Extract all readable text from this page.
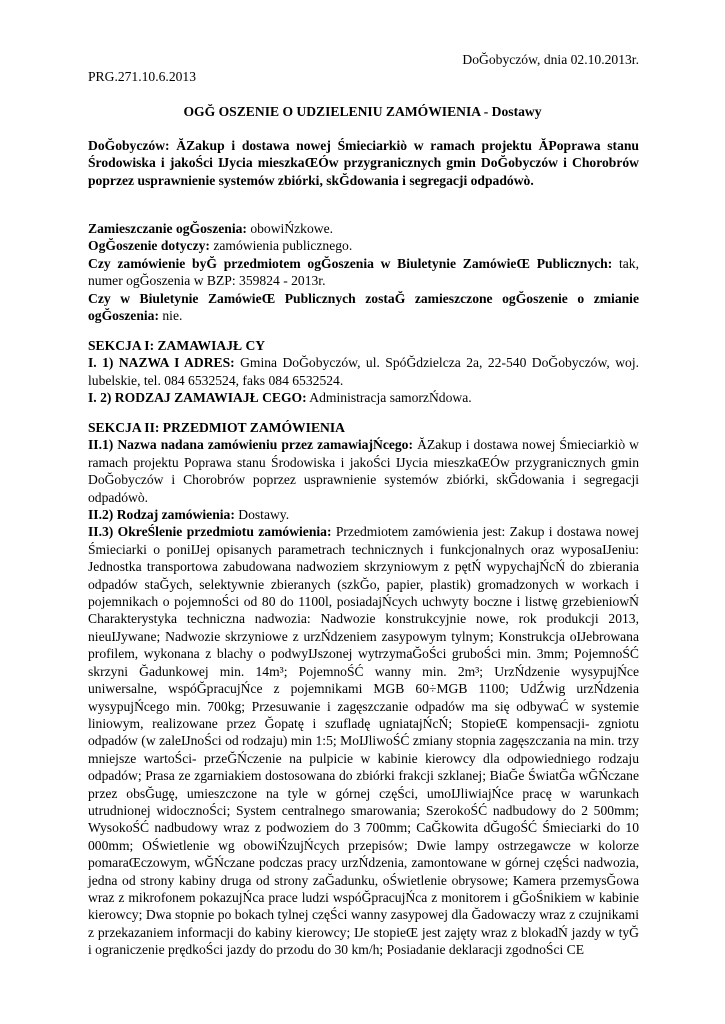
DoĞobyczów, dnia 02.10.2013r.
PRG.271.10.6.2013
OGĞ OSZENIE O UDZIELENIU ZAMÓWIENIA - Dostawy

DoĞobyczów: ĂZakup i dostawa nowej Śmieciarkiò w ramach projektu ĂPoprawa stanu Środowiska i jakoŚci Ĳycia mieszkaŒÓw przygranicznych gmin DoĞobyczów i Chorobrów poprzez usprawnienie systemów zbiórki, skĞdowania i segregacji odpadówò.

Zamieszczanie ogĞoszenia: obowiŃzkowe.

OgĞoszenie dotyczy: zamówienia publicznego.

Czy zamówienie byĞ przedmiotem ogĞoszenia w Biuletynie ZamówieŒ Publicznych: tak, numer ogĞoszenia w BZP: 359824 - 2013r.

Czy w Biuletynie ZamówieŒ Publicznych zostaĞ zamieszczone ogĞoszenie o zmianie ogĞoszenia: nie.

SEKCJA I: ZAMAWIAJŁ CY

I. 1) NAZWA I ADRES: Gmina DoĞobyczów, ul. SpóĞdzielcza 2a, 22-540 DoĞobyczów, woj. lubelskie, tel. 084 6532524, faks 084 6532524.

I. 2) RODZAJ ZAMAWIAJŁ CEGO: Administracja samorzŃdowa.

SEKCJA II: PRZEDMIOT ZAMÓWIENIA

II.1) Nazwa nadana zamówieniu przez zamawiajŃcego: ĂZakup i dostawa nowej Śmieciarkiò w ramach projektu Poprawa stanu Środowiska i jakoŚci Ĳycia mieszkaŒÓw przygranicznych gmin DoĞobyczów i Chorobrów poprzez usprawnienie systemów zbiórki, skĞdowania i segregacji odpadówò.

II.2) Rodzaj zamówienia: Dostawy.

II.3) OkreŚlenie przedmiotu zamówienia: Przedmiotem zamówienia jest: Zakup i dostawa nowej Śmieciarki o poniĲej opisanych parametrach technicznych i funkcjonalnych oraz wyposaĲeniu: Jednostka transportowa zabudowana nadwoziem skrzyniowym z pętŃ wypychajŃcŃ do zbierania odpadów staĞych, selektywnie zbieranych (szkĞo, papier, plastik) gromadzonych w workach i pojemnikach o pojemnoŚci od 80 do 1100l, posiadajŃcych uchwyty boczne i listwę grzebieniowŃ Charakterystyka techniczna nadwozia: Nadwozie konstrukcyjnie nowe, rok produkcji 2013, nieuĲywane; Nadwozie skrzyniowe z urzŃdzeniem zasypowym tylnym; Konstrukcja oĲebrowana profilem, wykonana z blachy o podwyĲszonej wytrzymaĞoŚci gruboŚci min. 3mm; PojemnoŚĆ skrzyni Ğadunkowej min. 14m³; PojemnoŚĆ wanny min. 2m³; UrzŃdzenie wysypujŃce uniwersalne, wspóĞpracujŃce z pojemnikami MGB 60÷MGB 1100; UdŹwig urzŃdzenia wysypujŃcego min. 700kg; Przesuwanie i zagęszczanie odpadów ma się odbywaĆ w systemie liniowym, realizowane przez Ğopatę i szufladę ugniatajŃcŃ; StopieŒ kompensacji- zgniotu odpadów (w zaleĲnoŚci od rodzaju) min 1:5; MoĲliwoŚĆ zmiany stopnia zagęszczania na min. trzy mniejsze wartoŚci- przeĞŃczenie na pulpicie w kabinie kierowcy dla odpowiedniego rodzaju odpadów; Prasa ze zgarniakiem dostosowana do zbiórki frakcji szklanej; BiaĞe ŚwiatĞa wĞŃczane przez obsĞugę, umieszczone na tyle w górnej częŚci, umoĲliwiajŃce pracę w warunkach utrudnionej widocznoŚci; System centralnego smarowania; SzerokoŚĆ nadbudowy do 2 500mm; WysokoŚĆ nadbudowy wraz z podwoziem do 3 700mm; CaĞkowita dĞugoŚĆ Śmieciarki do 10 000mm; OŚwietlenie wg obowiŃzujŃcych przepisów; Dwie lampy ostrzegawcze w kolorze pomaraŒczowym, wĞŃczane podczas pracy urzŃdzenia, zamontowane w górnej częŚci nadwozia, jedna od strony kabiny druga od strony zaĞadunku, oŚwietlenie obrysowe; Kamera przemysĞowa wraz z mikrofonem pokazujŃca prace ludzi wspóĞpracujŃca z monitorem i gĞoŚnikiem w kabinie kierowcy; Dwa stopnie po bokach tylnej częŚci wanny zasypowej dla Ğadowaczy wraz z czujnikami z przekazaniem informacji do kabiny kierowcy; Ĳe stopieŒ jest zajęty wraz z blokadŃ jazdy w tyĞ i ograniczenie prędkoŚci jazdy do przodu do 30 km/h; Posiadanie deklaracji zgodnoŚci CE
